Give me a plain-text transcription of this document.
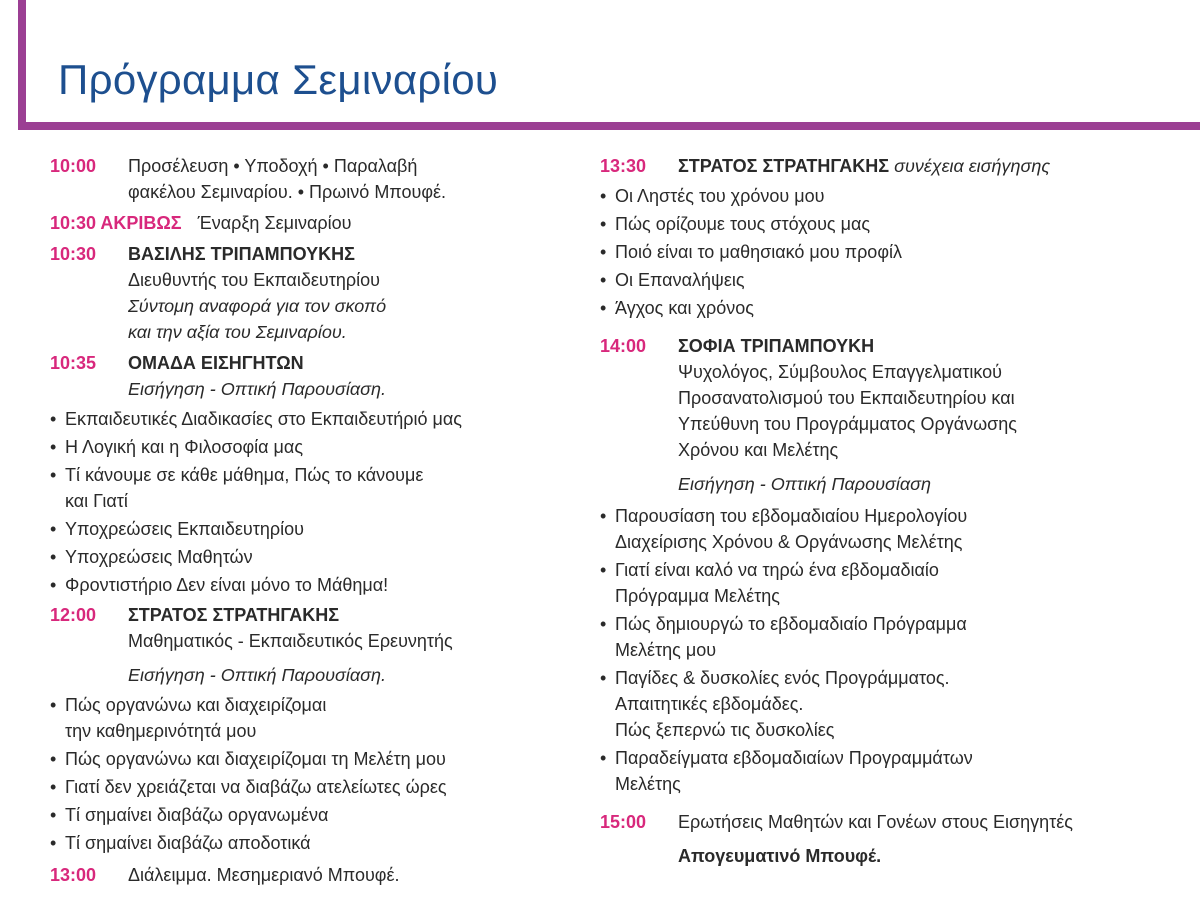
Πρόγραμμα Σεμιναρίου
10:00	Προσέλευση • Υποδοχή • Παραλαβή
φακέλου Σεμιναρίου. • Πρωινό Μπουφέ.
10:30 ΑΚΡΙΒΩΣ Έναρξη Σεμιναρίου
10:30	ΒΑΣΙΛΗΣ ΤΡΙΠΑΜΠΟΥΚΗΣ
Διευθυντής του Εκπαιδευτηρίου
Σύντομη αναφορά για τον σκοπό
και την αξία του Σεμιναρίου.
10:35	ΟΜΑΔΑ ΕΙΣΗΓΗΤΩΝ
Εισήγηση - Οπτική Παρουσίαση.
• Εκπαιδευτικές Διαδικασίες στο Εκπαιδευτήριό μας
• Η Λογική και η Φιλοσοφία μας
• Τί κάνουμε σε κάθε μάθημα, Πώς το κάνουμε
και Γιατί
• Υποχρεώσεις Εκπαιδευτηρίου
• Υποχρεώσεις Μαθητών
• Φροντιστήριο Δεν είναι μόνο το Μάθημα!
12:00	ΣΤΡΑΤΟΣ ΣΤΡΑΤΗΓΑΚΗΣ
Μαθηματικός - Εκπαιδευτικός Ερευνητής
Εισήγηση - Οπτική Παρουσίαση.
• Πώς οργανώνω και διαχειρίζομαι
την καθημερινότητά μου
• Πώς οργανώνω και διαχειρίζομαι τη Μελέτη μου
• Γιατί δεν χρειάζεται να διαβάζω ατελείωτες ώρες
• Τί σημαίνει διαβάζω οργανωμένα
• Τί σημαίνει διαβάζω αποδοτικά
13:00	Διάλειμμα. Μεσημεριανό Μπουφέ.
13:30	ΣΤΡΑΤΟΣ ΣΤΡΑΤΗΓΑΚΗΣ συνέχεια εισήγησης
• Οι Ληστές του χρόνου μου
• Πώς ορίζουμε τους στόχους μας
• Ποιό είναι το μαθησιακό μου προφίλ
• Οι Επαναλήψεις
• Άγχος και χρόνος
14:00	ΣΟΦΙΑ ΤΡΙΠΑΜΠΟΥΚΗ
Ψυχολόγος, Σύμβουλος Επαγγελματικού
Προσανατολισμού του Εκπαιδευτηρίου και
Υπεύθυνη του Προγράμματος Οργάνωσης
Χρόνου και Μελέτης
Εισήγηση - Οπτική Παρουσίαση
• Παρουσίαση του εβδομαδιαίου Ημερολογίου
Διαχείρισης Χρόνου & Οργάνωσης Μελέτης
• Γιατί είναι καλό να τηρώ ένα εβδομαδιαίο
Πρόγραμμα Μελέτης
• Πώς δημιουργώ το εβδομαδιαίο Πρόγραμμα
Μελέτης μου
• Παγίδες & δυσκολίες ενός Προγράμματος.
Απαιτητικές εβδομάδες.
Πώς ξεπερνώ τις δυσκολίες
• Παραδείγματα εβδομαδιαίων Προγραμμάτων
Μελέτης
15:00	Ερωτήσεις Μαθητών και Γονέων στους Εισηγητές
Απογευματινό Μπουφέ.
